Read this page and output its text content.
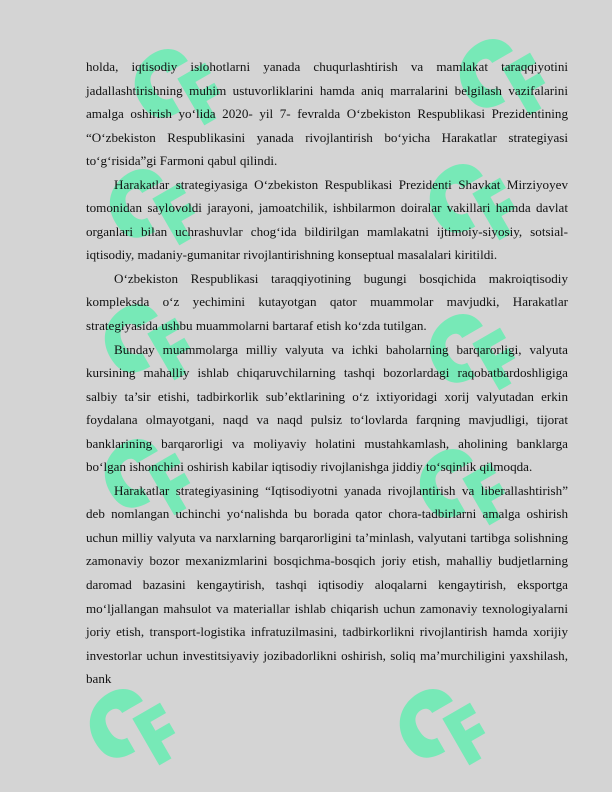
holda, iqtisodiy islohotlarni yanada chuqurlashtirish va mamlakat taraqqiyotini jadallashtirishning muhim ustuvorliklarini hamda aniq marralarini belgilash vazifalarini amalga oshirish yo‘lida 2020- yil 7- fevralda O‘zbekiston Respublikasi Prezidentining “O‘zbekiston Respublikasini yanada rivojlantirish bo‘yicha Harakatlar strategiyasi to‘g‘risida”gi Farmoni qabul qilindi.

Harakatlar strategiyasiga O‘zbekiston Respublikasi Prezidenti Shavkat Mirziyoyev tomonidan saylovoldi jarayoni, jamoatchilik, ishbilarmon doiralar vakillari hamda davlat organlari bilan uchrashuvlar chog‘ida bildirilgan mamlakatni ijtimoiy-siyosiy, sotsial-iqtisodiy, madaniy-gumanitar rivojlantirishning konseptual masalalari kiritildi.

O‘zbekiston Respublikasi taraqqiyotining bugungi bosqichida makroiqtisodiy kompleksda o‘z yechimini kutayotgan qator muammolar mavjudki, Harakatlar strategiyasida ushbu muammolarni bartaraf etish ko‘zda tutilgan.

Bunday muammolarga milliy valyuta va ichki baholarning barqarorligi, valyuta kursining mahalliy ishlab chiqaruvchilarning tashqi bozorlardagi raqobatbardoshligiga salbiy ta’sir etishi, tadbirkorlik sub’ektlarining o‘z ixtiyoridagi xorij valyutadan erkin foydalana olmayotgani, naqd va naqd pulsiz to‘lovlarda farqning mavjudligi, tijorat banklarining barqarorligi va moliyaviy holatini mustahkamlash, aholining banklarga bo‘lgan ishonchini oshirish kabilar iqtisodiy rivojlanishga jiddiy to‘sqinlik qilmoqda.

Harakatlar strategiyasining “Iqtisodiyotni yanada rivojlantirish va liberallashtirish” deb nomlangan uchinchi yo‘nalishda bu borada qator chora-tadbirlarni amalga oshirish uchun milliy valyuta va narxlarning barqarorligini ta’minlash, valyutani tartibga solishning zamonaviy bozor mexanizmlarini bosqichma-bosqich joriy etish, mahalliy budjetlarning daromad bazasini kengaytirish, tashqi iqtisodiy aloqalarni kengaytirish, eksportga mo‘ljallangan mahsulot va materiallar ishlab chiqarish uchun zamonaviy texnologiyalarni joriy etish, transport-logistika infratuzilmasini, tadbirkorlikni rivojlantirish hamda xorijiy investorlar uchun investitsiyaviy jozibadorlikni oshirish, soliq ma’murchiligini yaxshilash, bank
